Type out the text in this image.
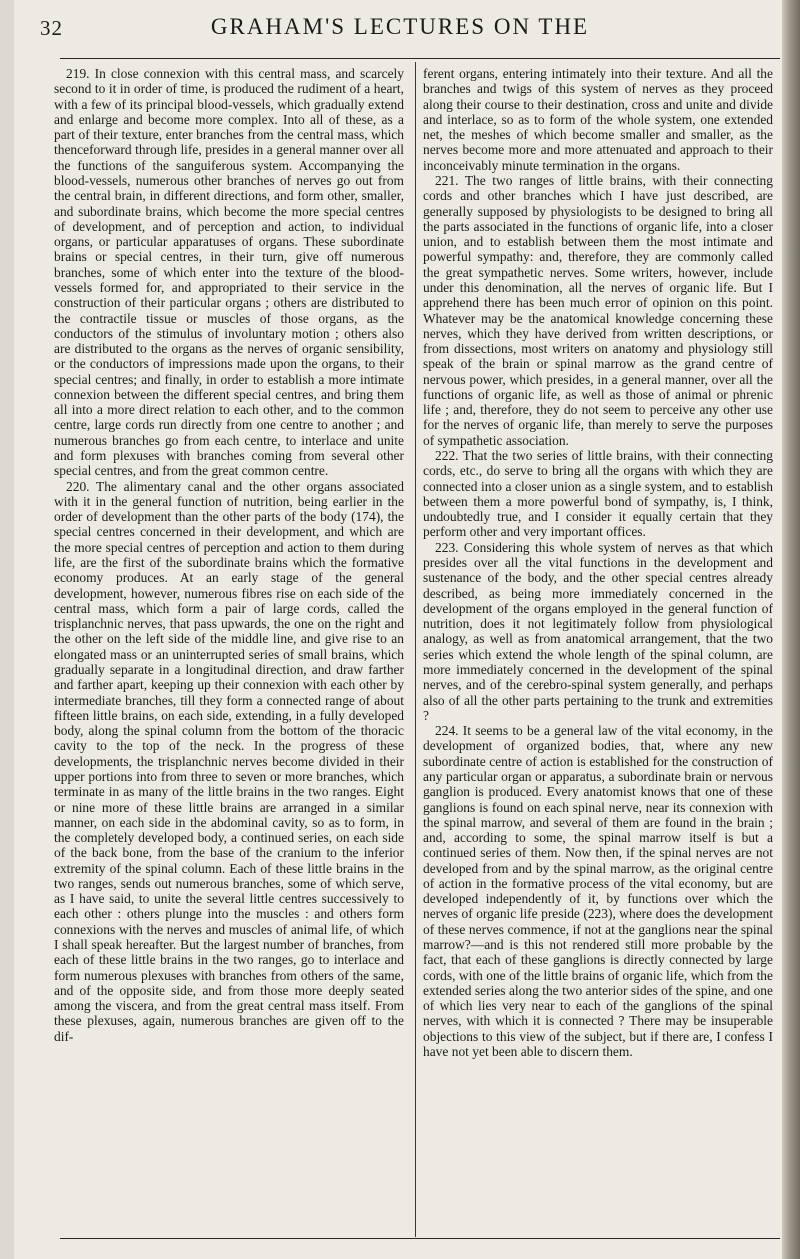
32	GRAHAM'S LECTURES ON THE

219. In close connexion with this central mass, and scarcely second to it in order of time, is produced the rudiment of a heart, with a few of its principal blood-vessels, which gradually extend and enlarge and become more complex. Into all of these, as a part of their texture, enter branches from the central mass, which thenceforward through life, presides in a general manner over all the functions of the sanguiferous system. Accompanying the blood-vessels, numerous other branches of nerves go out from the central brain, in different directions, and form other, smaller, and subordinate brains, which become the more special centres of development, and of perception and action, to individual organs, or particular apparatuses of organs. These subordinate brains or special centres, in their turn, give off numerous branches, some of which enter into the texture of the blood-vessels formed for, and appropriated to their service in the construction of their particular organs ; others are distributed to the contractile tissue or muscles of those organs, as the conductors of the stimulus of involuntary motion ; others also are distributed to the organs as the nerves of organic sensibility, or the conductors of impressions made upon the organs, to their special centres; and finally, in order to establish a more intimate connexion between the different special centres, and bring them all into a more direct relation to each other, and to the common centre, large cords run directly from one centre to another ; and numerous branches go from each centre, to interlace and unite and form plexuses with branches coming from several other special centres, and from the great common centre.

220. The alimentary canal and the other organs associated with it in the general function of nutrition, being earlier in the order of development than the other parts of the body (174), the special centres concerned in their development, and which are the more special centres of perception and action to them during life, are the first of the subordinate brains which the formative economy produces. At an early stage of the general development, however, numerous fibres rise on each side of the central mass, which form a pair of large cords, called the trisplanchnic nerves, that pass upwards, the one on the right and the other on the left side of the middle line, and give rise to an elongated mass or an uninterrupted series of small brains, which gradually separate in a longitudinal direction, and draw farther and farther apart, keeping up their connexion with each other by intermediate branches, till they form a connected range of about fifteen little brains, on each side, extending, in a fully developed body, along the spinal column from the bottom of the thoracic cavity to the top of the neck. In the progress of these developments, the trisplanchnic nerves become divided in their upper portions into from three to seven or more branches, which terminate in as many of the little brains in the two ranges. Eight or nine more of these little brains are arranged in a similar manner, on each side in the abdominal cavity, so as to form, in the completely developed body, a continued series, on each side of the back bone, from the base of the cranium to the inferior extremity of the spinal column. Each of these little brains in the two ranges, sends out numerous branches, some of which serve, as I have said, to unite the several little centres successively to each other : others plunge into the muscles : and others form connexions with the nerves and muscles of animal life, of which I shall speak hereafter. But the largest number of branches, from each of these little brains in the two ranges, go to interlace and form numerous plexuses with branches from others of the same, and of the opposite side, and from those more deeply seated among the viscera, and from the great central mass itself. From these plexuses, again, numerous branches are given off to the dif-

ferent organs, entering intimately into their texture. And all the branches and twigs of this system of nerves as they proceed along their course to their destination, cross and unite and divide and interlace, so as to form of the whole system, one extended net, the meshes of which become smaller and smaller, as the nerves become more and more attenuated and approach to their inconceivably minute termination in the organs.

221. The two ranges of little brains, with their connecting cords and other branches which I have just described, are generally supposed by physiologists to be designed to bring all the parts associated in the functions of organic life, into a closer union, and to establish between them the most intimate and powerful sympathy: and, therefore, they are commonly called the great sympathetic nerves. Some writers, however, include under this denomination, all the nerves of organic life. But I apprehend there has been much error of opinion on this point. Whatever may be the anatomical knowledge concerning these nerves, which they have derived from written descriptions, or from dissections, most writers on anatomy and physiology still speak of the brain or spinal marrow as the grand centre of nervous power, which presides, in a general manner, over all the functions of organic life, as well as those of animal or phrenic life ; and, therefore, they do not seem to perceive any other use for the nerves of organic life, than merely to serve the purposes of sympathetic association.

222. That the two series of little brains, with their connecting cords, etc., do serve to bring all the organs with which they are connected into a closer union as a single system, and to establish between them a more powerful bond of sympathy, is, I think, undoubtedly true, and I consider it equally certain that they perform other and very important offices.

223. Considering this whole system of nerves as that which presides over all the vital functions in the development and sustenance of the body, and the other special centres already described, as being more immediately concerned in the development of the organs employed in the general function of nutrition, does it not legitimately follow from physiological analogy, as well as from anatomical arrangement, that the two series which extend the whole length of the spinal column, are more immediately concerned in the development of the spinal nerves, and of the cerebro-spinal system generally, and perhaps also of all the other parts pertaining to the trunk and extremities ?

224. It seems to be a general law of the vital economy, in the development of organized bodies, that, where any new subordinate centre of action is established for the construction of any particular organ or apparatus, a subordinate brain or nervous ganglion is produced. Every anatomist knows that one of these ganglions is found on each spinal nerve, near its connexion with the spinal marrow, and several of them are found in the brain ; and, according to some, the spinal marrow itself is but a continued series of them. Now then, if the spinal nerves are not developed from and by the spinal marrow, as the original centre of action in the formative process of the vital economy, but are developed independently of it, by functions over which the nerves of organic life preside (223), where does the development of these nerves commence, if not at the ganglions near the spinal marrow?—and is this not rendered still more probable by the fact, that each of these ganglions is directly connected by large cords, with one of the little brains of organic life, which from the extended series along the two anterior sides of the spine, and one of which lies very near to each of the ganglions of the spinal nerves, with which it is connected ? There may be insuperable objections to this view of the subject, but if there are, I confess I have not yet been able to discern them.
